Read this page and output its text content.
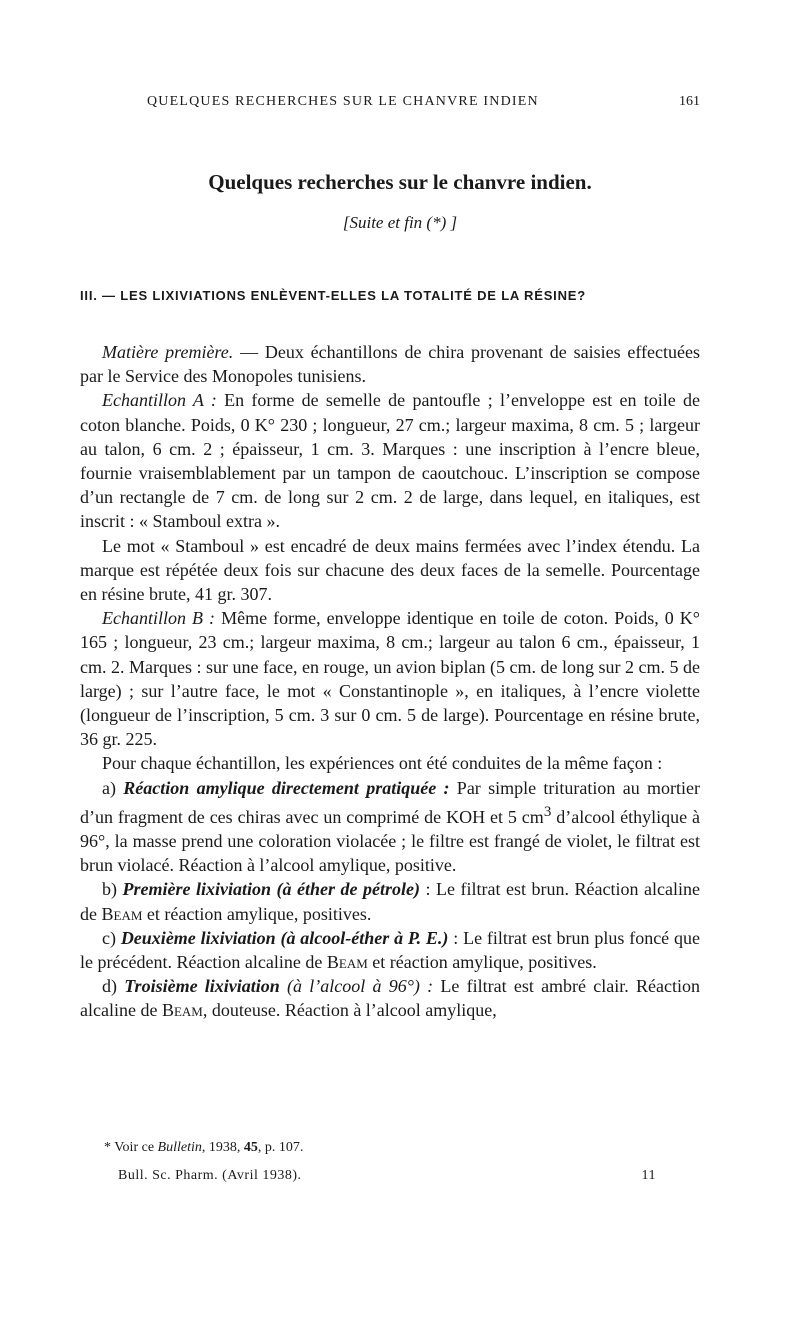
QUELQUES RECHERCHES SUR LE CHANVRE INDIEN	161
Quelques recherches sur le chanvre indien.
[Suite et fin (*) ]
III. — LES LIXIVIATIONS ENLÈVENT-ELLES LA TOTALITÉ DE LA RÉSINE?

Matière première. — Deux échantillons de chira provenant de saisies effectuées par le Service des Monopoles tunisiens.

Echantillon A : En forme de semelle de pantoufle ; l’enveloppe est en toile de coton blanche. Poids, 0 K° 230 ; longueur, 27 cm.; largeur maxima, 8 cm. 5 ; largeur au talon, 6 cm. 2 ; épaisseur, 1 cm. 3. Marques : une inscription à l’encre bleue, fournie vraisemblablement par un tampon de caoutchouc. L’inscription se compose d’un rectangle de 7 cm. de long sur 2 cm. 2 de large, dans lequel, en italiques, est inscrit : « Stamboul extra ».

Le mot « Stamboul » est encadré de deux mains fermées avec l’index étendu. La marque est répétée deux fois sur chacune des deux faces de la semelle. Pourcentage en résine brute, 41 gr. 307.

Echantillon B : Même forme, enveloppe identique en toile de coton. Poids, 0 K° 165 ; longueur, 23 cm.; largeur maxima, 8 cm.; largeur au talon 6 cm., épaisseur, 1 cm. 2. Marques : sur une face, en rouge, un avion biplan (5 cm. de long sur 2 cm. 5 de large) ; sur l’autre face, le mot « Constantinople », en italiques, à l’encre violette (longueur de l’inscription, 5 cm. 3 sur 0 cm. 5 de large). Pourcentage en résine brute, 36 gr. 225.

Pour chaque échantillon, les expériences ont été conduites de la même façon :

a) Réaction amylique directement pratiquée : Par simple trituration au mortier d’un fragment de ces chiras avec un comprimé de KOH et 5 $cm^3$ d’alcool éthylique à 96°, la masse prend une coloration violacée ; le filtre est frangé de violet, le filtrat est brun violacé. Réaction à l’alcool amylique, positive.

b) Première lixiviation (à éther de pétrole) : Le filtrat est brun. Réaction alcaline de Beam et réaction amylique, positives.

c) Deuxième lixiviation (à alcool-éther à P. E.) : Le filtrat est brun plus foncé que le précédent. Réaction alcaline de Beam et réaction amylique, positives.

d) Troisième lixiviation (à l’alcool à 96°) : Le filtrat est ambré clair. Réaction alcaline de Beam, douteuse. Réaction à l’alcool amylique,

* Voir ce Bulletin, 1938, 45, p. 107.
Bull. Sc. Pharm. (Avril 1938).	11
